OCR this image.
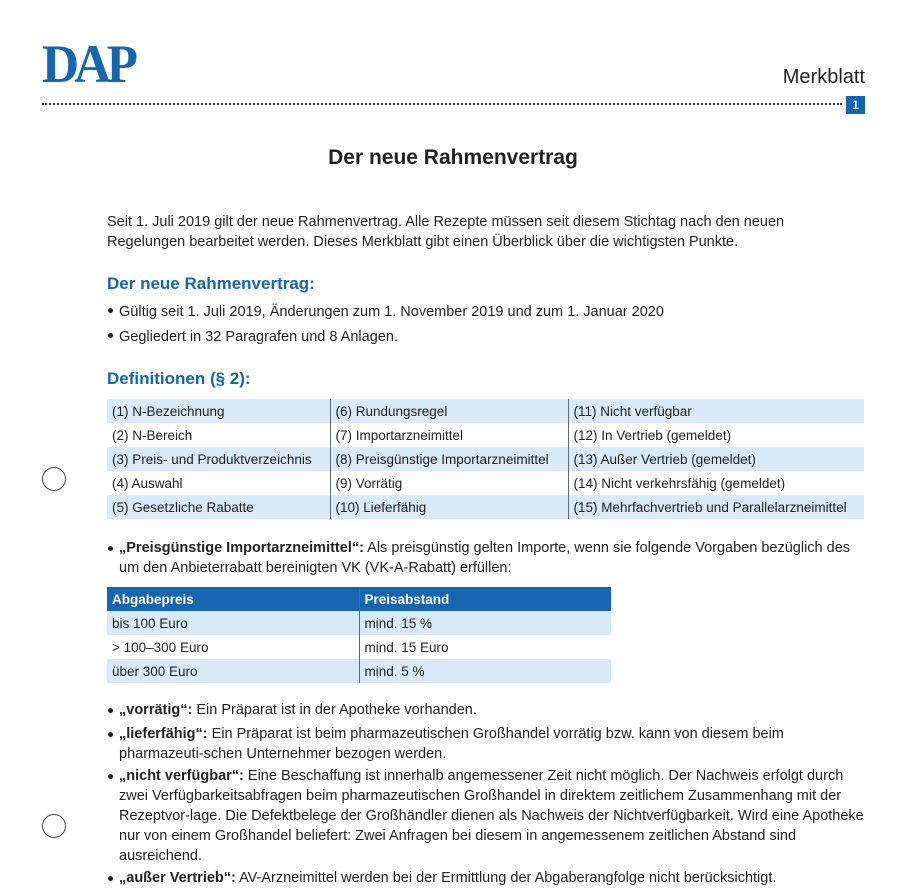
DAP	Merkblatt
1
Der neue Rahmenvertrag
Seit 1. Juli 2019 gilt der neue Rahmenvertrag. Alle Rezepte müssen seit diesem Stichtag nach den neuen Regelungen bearbeitet werden. Dieses Merkblatt gibt einen Überblick über die wichtigsten Punkte.
Der neue Rahmenvertrag:
Gültig seit 1. Juli 2019, Änderungen zum 1. November 2019 und zum 1. Januar 2020
Gegliedert in 32 Paragrafen und 8 Anlagen.
Definitionen (§ 2):
(1) N-Bezeichnung	(6) Rundungsregel	(11) Nicht verfügbar
(2) N-Bereich	(7) Importarzneimittel	(12) In Vertrieb (gemeldet)
(3) Preis- und Produktverzeichnis	(8) Preisgünstige Importarzneimittel	(13) Außer Vertrieb (gemeldet)
(4) Auswahl	(9) Vorrätig	(14) Nicht verkehrsfähig (gemeldet)
(5) Gesetzliche Rabatte	(10) Lieferfähig	(15) Mehrfachvertrieb und Parallelarzneimittel
„Preisgünstige Importarzneimittel“: Als preisgünstig gelten Importe, wenn sie folgende Vorgaben bezüglich des um den Anbieterrabatt bereinigten VK (VK-A-Rabatt) erfüllen:
Abgabepreis	Preisabstand
bis 100 Euro	mind. 15 %
> 100–300 Euro	mind. 15 Euro
über 300 Euro	mind. 5 %
„vorrätig“: Ein Präparat ist in der Apotheke vorhanden.
„lieferfähig“: Ein Präparat ist beim pharmazeutischen Großhandel vorrätig bzw. kann von diesem beim pharmazeuti-schen Unternehmer bezogen werden.
„nicht verfügbar“: Eine Beschaffung ist innerhalb angemessener Zeit nicht möglich. Der Nachweis erfolgt durch zwei Verfügbarkeitsabfragen beim pharmazeutischen Großhandel in direktem zeitlichem Zusammenhang mit der Rezeptvor-lage. Die Defektbelege der Großhändler dienen als Nachweis der Nichtverfügbarkeit. Wird eine Apotheke nur von einem Großhandel beliefert: Zwei Anfragen bei diesem in angemessenem zeitlichen Abstand sind ausreichend.
„außer Vertrieb“: AV-Arzneimittel werden bei der Ermittlung der Abgaberangfolge nicht berücksichtigt.
